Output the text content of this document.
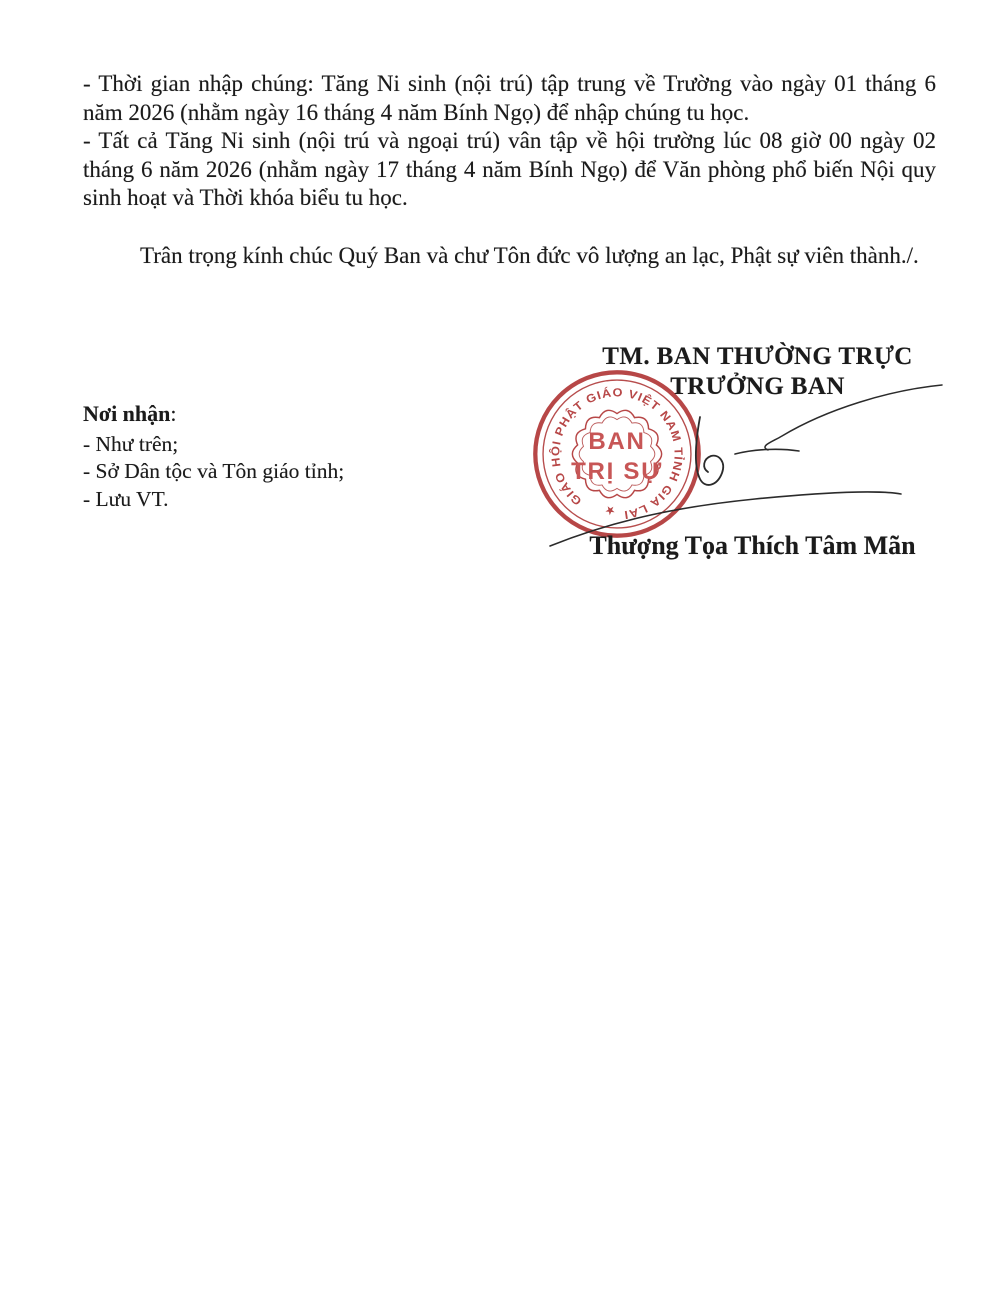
- Thời gian nhập chúng: Tăng Ni sinh (nội trú) tập trung về Trường vào ngày 01 tháng 6 năm 2026 (nhằm ngày 16 tháng 4 năm Bính Ngọ) để nhập chúng tu học.

- Tất cả Tăng Ni sinh (nội trú và ngoại trú) vân tập về hội trường lúc 08 giờ 00 ngày 02 tháng 6 năm 2026 (nhằm ngày 17 tháng 4 năm Bính Ngọ) để Văn phòng phổ biến Nội quy sinh hoạt và Thời khóa biểu tu học.

Trân trọng kính chúc Quý Ban và chư Tôn đức vô lượng an lạc, Phật sự viên thành./.

TM. BAN THƯỜNG TRỰC
TRƯỞNG BAN
Nơi nhận:
- Như trên;
- Sở Dân tộc và Tôn giáo tỉnh;
- Lưu VT.	GIÁO HỘI PHẬT GIÁO VIỆT NAM TỈNH GIA LAI
★
BAN
TRỊ SỰ
Thượng Tọa Thích Tâm Mãn
